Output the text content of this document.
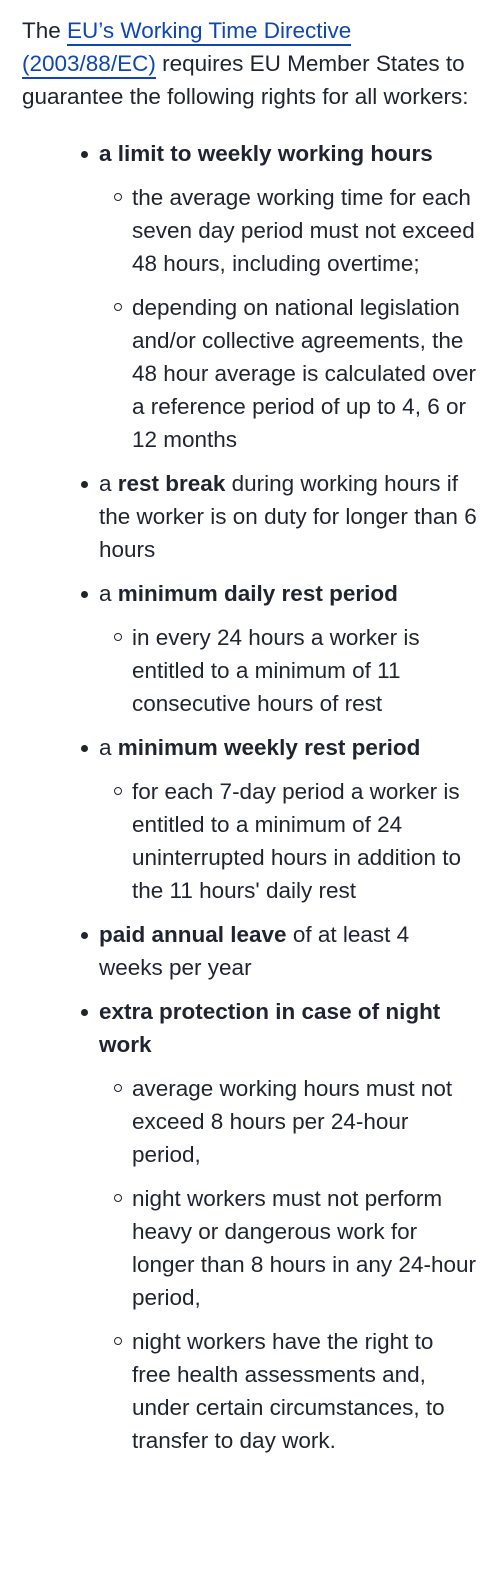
The EU’s Working Time Directive (2003/88/EC) requires EU Member States to guarantee the following rights for all workers:

a limit to weekly working hours
the average working time for each seven day period must not exceed 48 hours, including overtime;
depending on national legislation and/or collective agreements, the 48 hour average is calculated over a reference period of up to 4, 6 or 12 months
a rest break during working hours if the worker is on duty for longer than 6 hours
a minimum daily rest period
in every 24 hours a worker is entitled to a minimum of 11 consecutive hours of rest
a minimum weekly rest period
for each 7-day period a worker is entitled to a minimum of 24 uninterrupted hours in addition to the 11 hours' daily rest
paid annual leave of at least 4 weeks per year
extra protection in case of night work
average working hours must not exceed 8 hours per 24-hour period,
night workers must not perform heavy or dangerous work for longer than 8 hours in any 24-hour period,
night workers have the right to free health assessments and, under certain circumstances, to transfer to day work.
